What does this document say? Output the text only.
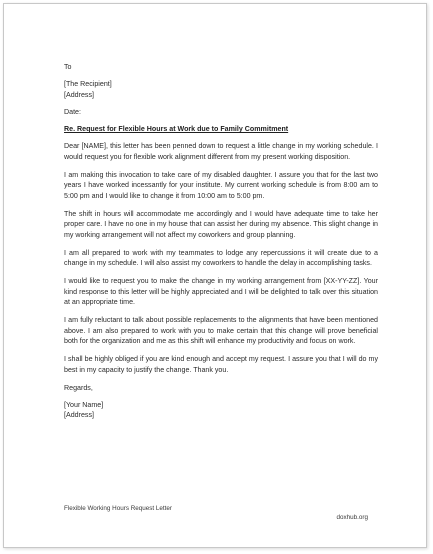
To
[The Recipient]
[Address]
Date:
Re. Request for Flexible Hours at Work due to Family Commitment

Dear [NAME], this letter has been penned down to request a little change in my working schedule. I would request you for flexible work alignment different from my present working disposition.

I am making this invocation to take care of my disabled daughter. I assure you that for the last two years I have worked incessantly for your institute. My current working schedule is from 8:00 am to 5:00 pm and I would like to change it from 10:00 am to 5:00 pm.

The shift in hours will accommodate me accordingly and I would have adequate time to take her proper care. I have no one in my house that can assist her during my absence. This slight change in my working arrangement will not affect my coworkers and group planning.

I am all prepared to work with my teammates to lodge any repercussions it will create due to a change in my schedule. I will also assist my coworkers to handle the delay in accomplishing tasks.

I would like to request you to make the change in my working arrangement from [XX-YY-ZZ]. Your kind response to this letter will be highly appreciated and I will be delighted to talk over this situation at an appropriate time.

I am fully reluctant to talk about possible replacements to the alignments that have been mentioned above. I am also prepared to work with you to make certain that this change will prove beneficial both for the organization and me as this shift will enhance my productivity and focus on work.

I shall be highly obliged if you are kind enough and accept my request. I assure you that I will do my best in my capacity to justify the change. Thank you.

Regards,
[Your Name]
[Address]
Flexible Working Hours Request Letter
doxhub.org
